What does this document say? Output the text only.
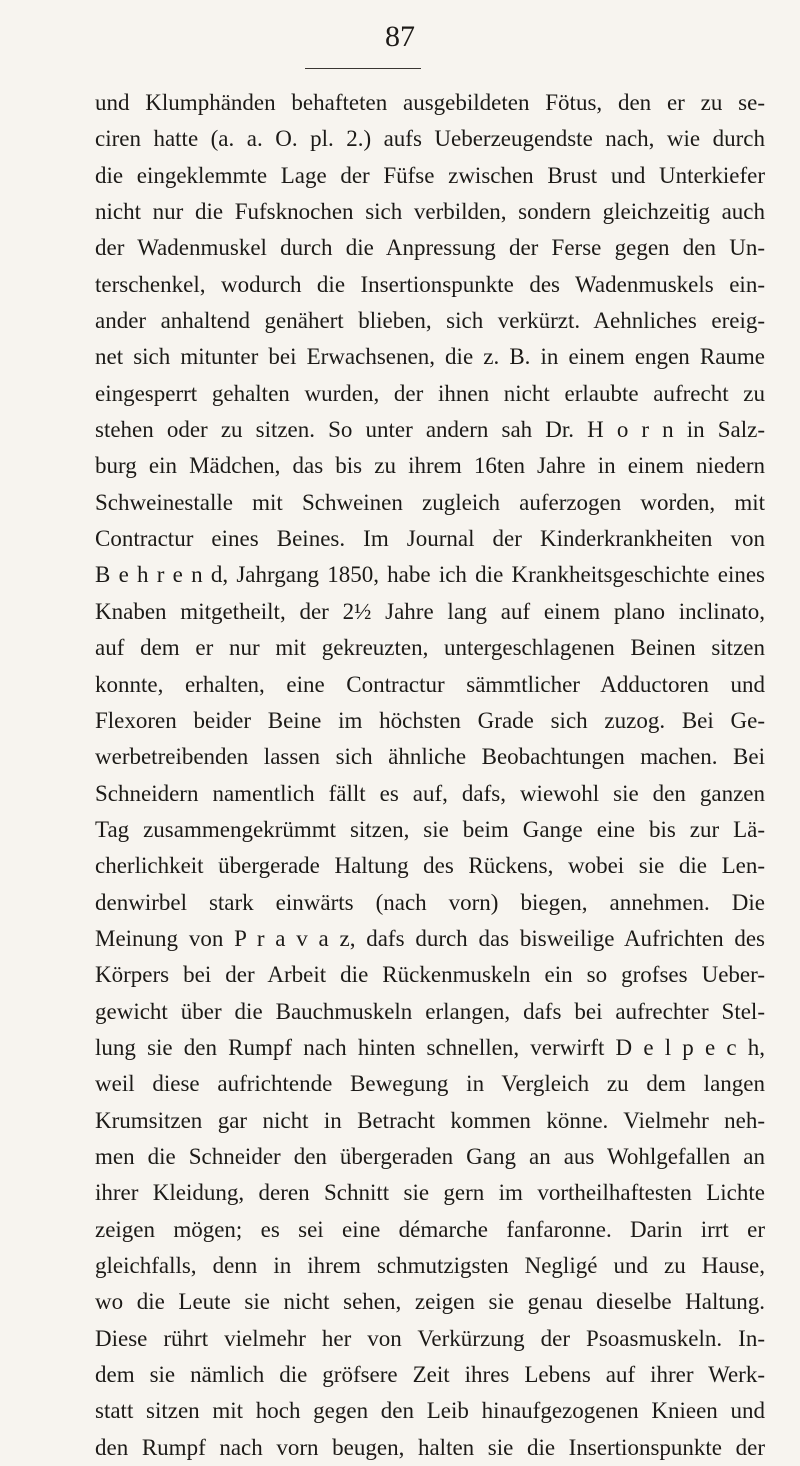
87
und Klumphänden behafteten ausgebildeten Fötus, den er zu se-
ciren hatte (a. a. O. pl. 2.) aufs Ueberzeugendste nach, wie durch
die eingeklemmte Lage der Füfse zwischen Brust und Unterkiefer
nicht nur die Fufsknochen sich verbilden, sondern gleichzeitig auch
der Wadenmuskel durch die Anpressung der Ferse gegen den Un-
terschenkel, wodurch die Insertionspunkte des Wadenmuskels ein-
ander anhaltend genähert blieben, sich verkürzt. Aehnliches ereig-
net sich mitunter bei Erwachsenen, die z. B. in einem engen Raume
eingesperrt gehalten wurden, der ihnen nicht erlaubte aufrecht zu
stehen oder zu sitzen. So unter andern sah Dr. H o r n in Salz-
burg ein Mädchen, das bis zu ihrem 16ten Jahre in einem niedern
Schweinestalle mit Schweinen zugleich auferzogen worden, mit
Contractur eines Beines. Im Journal der Kinderkrankheiten von
B e h r e n d, Jahrgang 1850, habe ich die Krankheitsgeschichte eines
Knaben mitgetheilt, der 2½ Jahre lang auf einem plano inclinato,
auf dem er nur mit gekreuzten, untergeschlagenen Beinen sitzen
konnte, erhalten, eine Contractur sämmtlicher Adductoren und
Flexoren beider Beine im höchsten Grade sich zuzog. Bei Ge-
werbetreibenden lassen sich ähnliche Beobachtungen machen. Bei
Schneidern namentlich fällt es auf, dafs, wiewohl sie den ganzen
Tag zusammengekrümmt sitzen, sie beim Gange eine bis zur Lä-
cherlichkeit übergerade Haltung des Rückens, wobei sie die Len-
denwirbel stark einwärts (nach vorn) biegen, annehmen. Die
Meinung von P r a v a z, dafs durch das bisweilige Aufrichten des
Körpers bei der Arbeit die Rückenmuskeln ein so grofses Ueber-
gewicht über die Bauchmuskeln erlangen, dafs bei aufrechter Stel-
lung sie den Rumpf nach hinten schnellen, verwirft D e l p e c h,
weil diese aufrichtende Bewegung in Vergleich zu dem langen
Krumsitzen gar nicht in Betracht kommen könne. Vielmehr neh-
men die Schneider den übergeraden Gang an aus Wohlgefallen an
ihrer Kleidung, deren Schnitt sie gern im vortheilhaftesten Lichte
zeigen mögen; es sei eine démarche fanfaronne. Darin irrt er
gleichfalls, denn in ihrem schmutzigsten Negligé und zu Hause,
wo die Leute sie nicht sehen, zeigen sie genau dieselbe Haltung.
Diese rührt vielmehr her von Verkürzung der Psoasmuskeln. In-
dem sie nämlich die gröfsere Zeit ihres Lebens auf ihrer Werk-
statt sitzen mit hoch gegen den Leib hinaufgezogenen Knieen und
den Rumpf nach vorn beugen, halten sie die Insertionspunkte der
